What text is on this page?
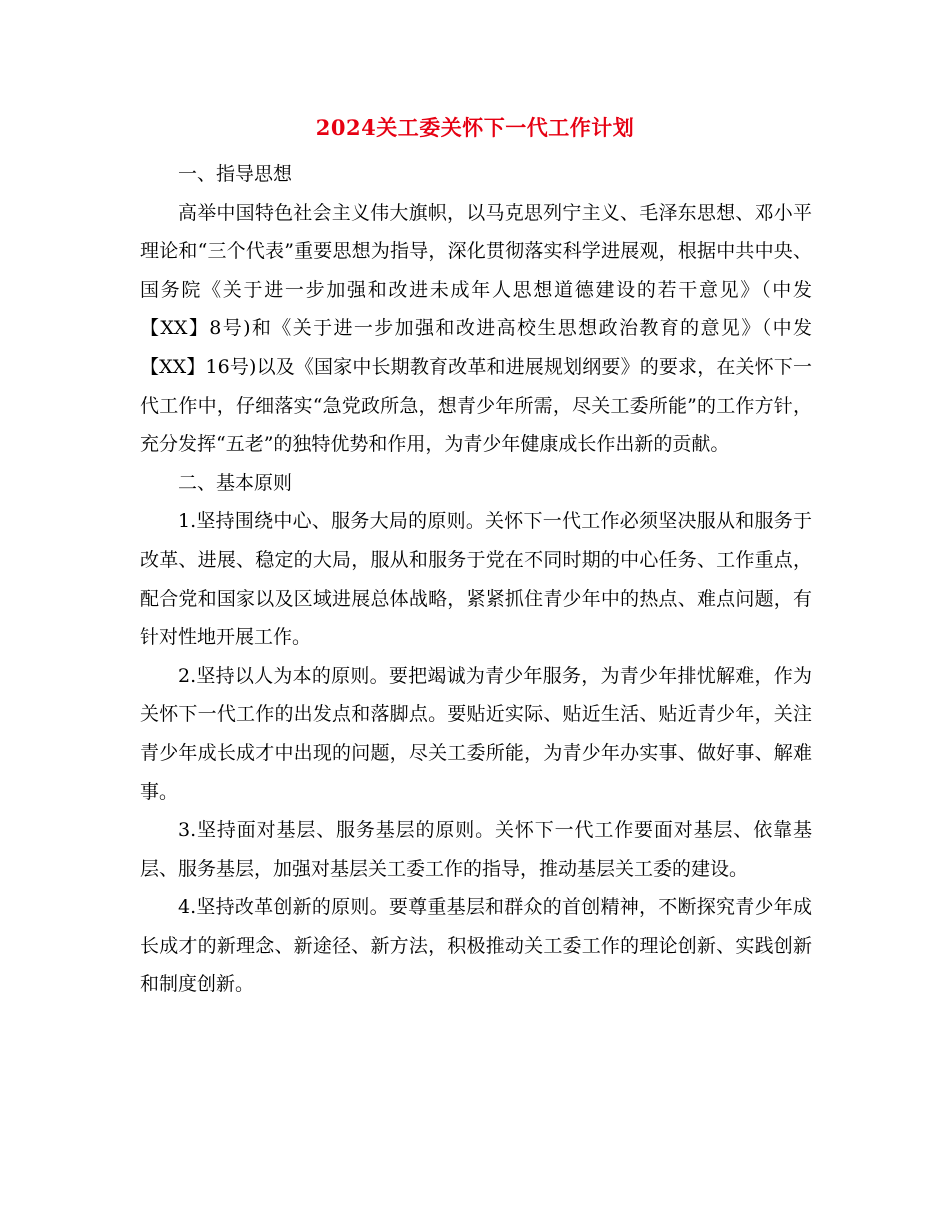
2024关工委关怀下一代工作计划

一、指导思想

高举中国特色社会主义伟大旗帜，以马克思列宁主义、毛泽东思想、邓小平理论和“三个代表”重要思想为指导，深化贯彻落实科学进展观，根据中共中央、国务院《关于进一步加强和改进未成年人思想道德建设的若干意见》（中发【XX】8号)和《关于进一步加强和改进高校生思想政治教育的意见》（中发【XX】16号)以及《国家中长期教育改革和进展规划纲要》的要求，在关怀下一代工作中，仔细落实“急党政所急，想青少年所需，尽关工委所能”的工作方针，充分发挥“五老”的独特优势和作用，为青少年健康成长作出新的贡献。

二、基本原则

1.坚持围绕中心、服务大局的原则。关怀下一代工作必须坚决服从和服务于改革、进展、稳定的大局，服从和服务于党在不同时期的中心任务、工作重点，配合党和国家以及区域进展总体战略，紧紧抓住青少年中的热点、难点问题，有针对性地开展工作。

2.坚持以人为本的原则。要把竭诚为青少年服务，为青少年排忧解难，作为关怀下一代工作的出发点和落脚点。要贴近实际、贴近生活、贴近青少年，关注青少年成长成才中出现的问题，尽关工委所能，为青少年办实事、做好事、解难事。

3.坚持面对基层、服务基层的原则。关怀下一代工作要面对基层、依靠基层、服务基层，加强对基层关工委工作的指导，推动基层关工委的建设。

4.坚持改革创新的原则。要尊重基层和群众的首创精神，不断探究青少年成长成才的新理念、新途径、新方法，积极推动关工委工作的理论创新、实践创新和制度创新。
